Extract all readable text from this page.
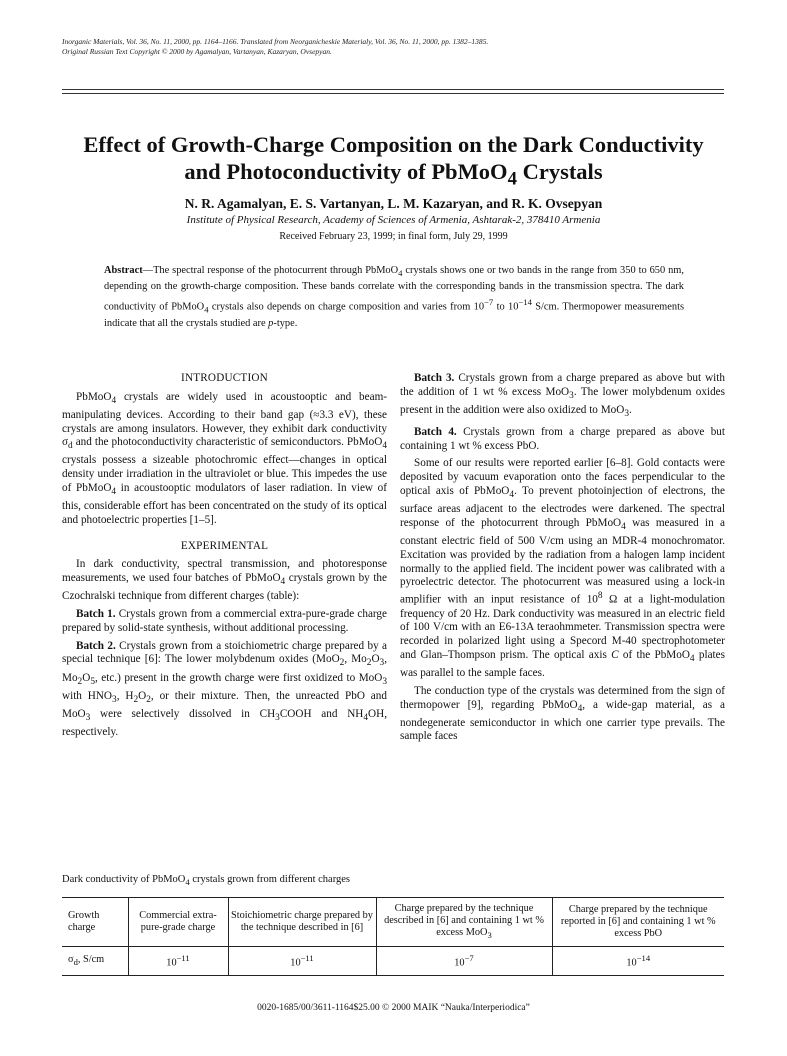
Inorganic Materials, Vol. 36, No. 11, 2000, pp. 1164–1166. Translated from Neorganicheskie Materialy, Vol. 36, No. 11, 2000, pp. 1382–1385.
Original Russian Text Copyright © 2000 by Agamalyan, Vartanyan, Kazaryan, Ovsepyan.
Effect of Growth-Charge Composition on the Dark Conductivity
and Photoconductivity of PbMoO$_4$ Crystals
N. R. Agamalyan, E. S. Vartanyan, L. M. Kazaryan, and R. K. Ovsepyan
Institute of Physical Research, Academy of Sciences of Armenia, Ashtarak-2, 378410 Armenia
Received February 23, 1999; in final form, July 29, 1999
Abstract—The spectral response of the photocurrent through PbMoO$_4$ crystals shows one or two bands in the range from 350 to 650 nm, depending on the growth-charge composition. These bands correlate with the corresponding bands in the transmission spectra. The dark conductivity of PbMoO$_4$ crystals also depends on charge composition and varies from $10^{-7}$ to $10^{-14}$ S/cm. Thermopower measurements indicate that all the crystals studied are p-type.
INTRODUCTION

PbMoO$_4$ crystals are widely used in acoustooptic and beam-manipulating devices. According to their band gap (≈3.3 eV), these crystals are among insulators. However, they exhibit dark conductivity $\sigma_d$ and the photoconductivity characteristic of semiconductors. PbMoO$_4$ crystals possess a sizeable photochromic effect—changes in optical density under irradiation in the ultraviolet or blue. This impedes the use of PbMoO$_4$ in acoustooptic modulators of laser radiation. In view of this, considerable effort has been concentrated on the study of its optical and photoelectric properties [1–5].

EXPERIMENTAL

In dark conductivity, spectral transmission, and photoresponse measurements, we used four batches of PbMoO$_4$ crystals grown by the Czochralski technique from different charges (table):

Batch 1. Crystals grown from a commercial extra-pure-grade charge prepared by solid-state synthesis, without additional processing.

Batch 2. Crystals grown from a stoichiometric charge prepared by a special technique [6]: The lower molybdenum oxides (MoO$_2$, $Mo_2O_3$, $Mo_2O_5$, etc.) present in the growth charge were first oxidized to MoO$_3$ with $HNO_3$, $H_2O_2$, or their mixture. Then, the unreacted PbO and MoO$_3$ were selectively dissolved in $CH_3COOH$ and $NH_4OH$, respectively.

Batch 3. Crystals grown from a charge prepared as above but with the addition of 1 wt % excess MoO$_3$. The lower molybdenum oxides present in the addition were also oxidized to MoO$_3$.

Batch 4. Crystals grown from a charge prepared as above but containing 1 wt % excess PbO.

Some of our results were reported earlier [6–8]. Gold contacts were deposited by vacuum evaporation onto the faces perpendicular to the optical axis of PbMoO$_4$. To prevent photoinjection of electrons, the surface areas adjacent to the electrodes were darkened. The spectral response of the photocurrent through PbMoO$_4$ was measured in a constant electric field of 500 V/cm using an MDR-4 monochromator. Excitation was provided by the radiation from a halogen lamp incident normally to the applied field. The incident power was calibrated with a pyroelectric detector. The photocurrent was measured using a lock-in amplifier with an input resistance of $10^8$ Ω at a light-modulation frequency of 20 Hz. Dark conductivity was measured in an electric field of 100 V/cm with an E6-13A teraohmmeter. Transmission spectra were recorded in polarized light using a Specord M-40 spectrophotometer and Glan–Thompson prism. The optical axis C of the PbMoO$_4$ plates was parallel to the sample faces.

The conduction type of the crystals was determined from the sign of thermopower [9], regarding PbMoO$_4$, a wide-gap material, as a nondegenerate semiconductor in which one carrier type prevails. The sample faces

Dark conductivity of PbMoO$_4$ crystals grown from different charges
Growth charge	Commercial extra-pure-grade charge	Stoichiometric charge prepared by the technique described in [6]	Charge prepared by the technique described in [6] and containing 1 wt % excess MoO$_3$	Charge prepared by the technique reported in [6] and containing 1 wt % excess PbO
$\sigma_d$, S/cm	$10^{-11}$	$10^{-11}$	$10^{-7}$	$10^{-14}$
0020-1685/00/3611-1164$25.00 © 2000 MAIK “Nauka/Interperiodica”
